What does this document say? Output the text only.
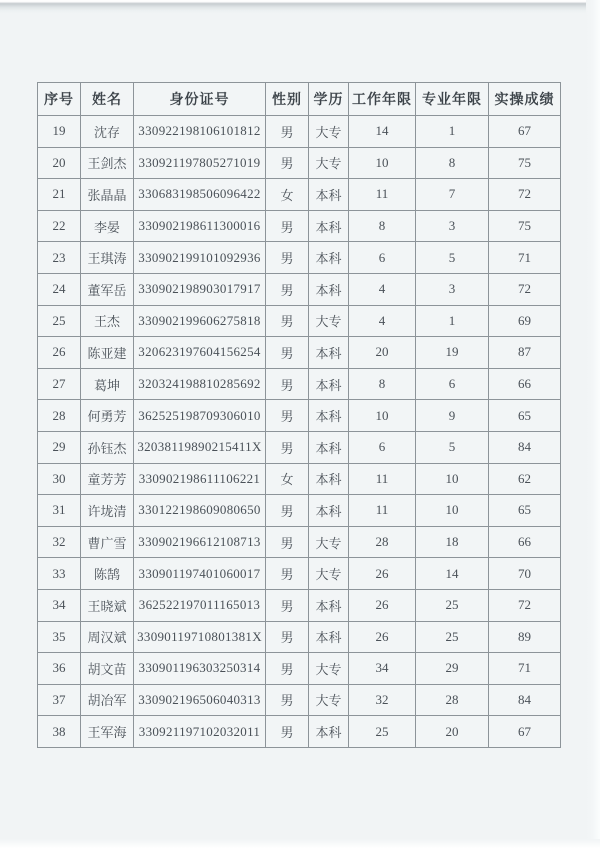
序号	姓名	身份证号	性别	学历	工作年限	专业年限	实操成绩
19	沈存	330922198106101812	男	大专	14	1	67
20	王剑杰	330921197805271019	男	大专	10	8	75
21	张晶晶	330683198506096422	女	本科	11	7	72
22	李晏	330902198611300016	男	本科	8	3	75
23	王琪涛	330902199101092936	男	本科	6	5	71
24	董军岳	330902198903017917	男	本科	4	3	72
25	王杰	330902199606275818	男	大专	4	1	69
26	陈亚建	320623197604156254	男	本科	20	19	87
27	葛坤	320324198810285692	男	本科	8	6	66
28	何勇芳	362525198709306010	男	本科	10	9	65
29	孙钰杰	32038119890215411X	男	本科	6	5	84
30	童芳芳	330902198611106221	女	本科	11	10	62
31	许垅清	330122198609080650	男	本科	11	10	65
32	曹广雪	330902196612108713	男	大专	28	18	66
33	陈鹄	330901197401060017	男	大专	26	14	70
34	王晓斌	362522197011165013	男	本科	26	25	72
35	周汉斌	33090119710801381X	男	本科	26	25	89
36	胡文苗	330901196303250314	男	大专	34	29	71
37	胡冶军	330902196506040313	男	大专	32	28	84
38	王军海	330921197102032011	男	本科	25	20	67
